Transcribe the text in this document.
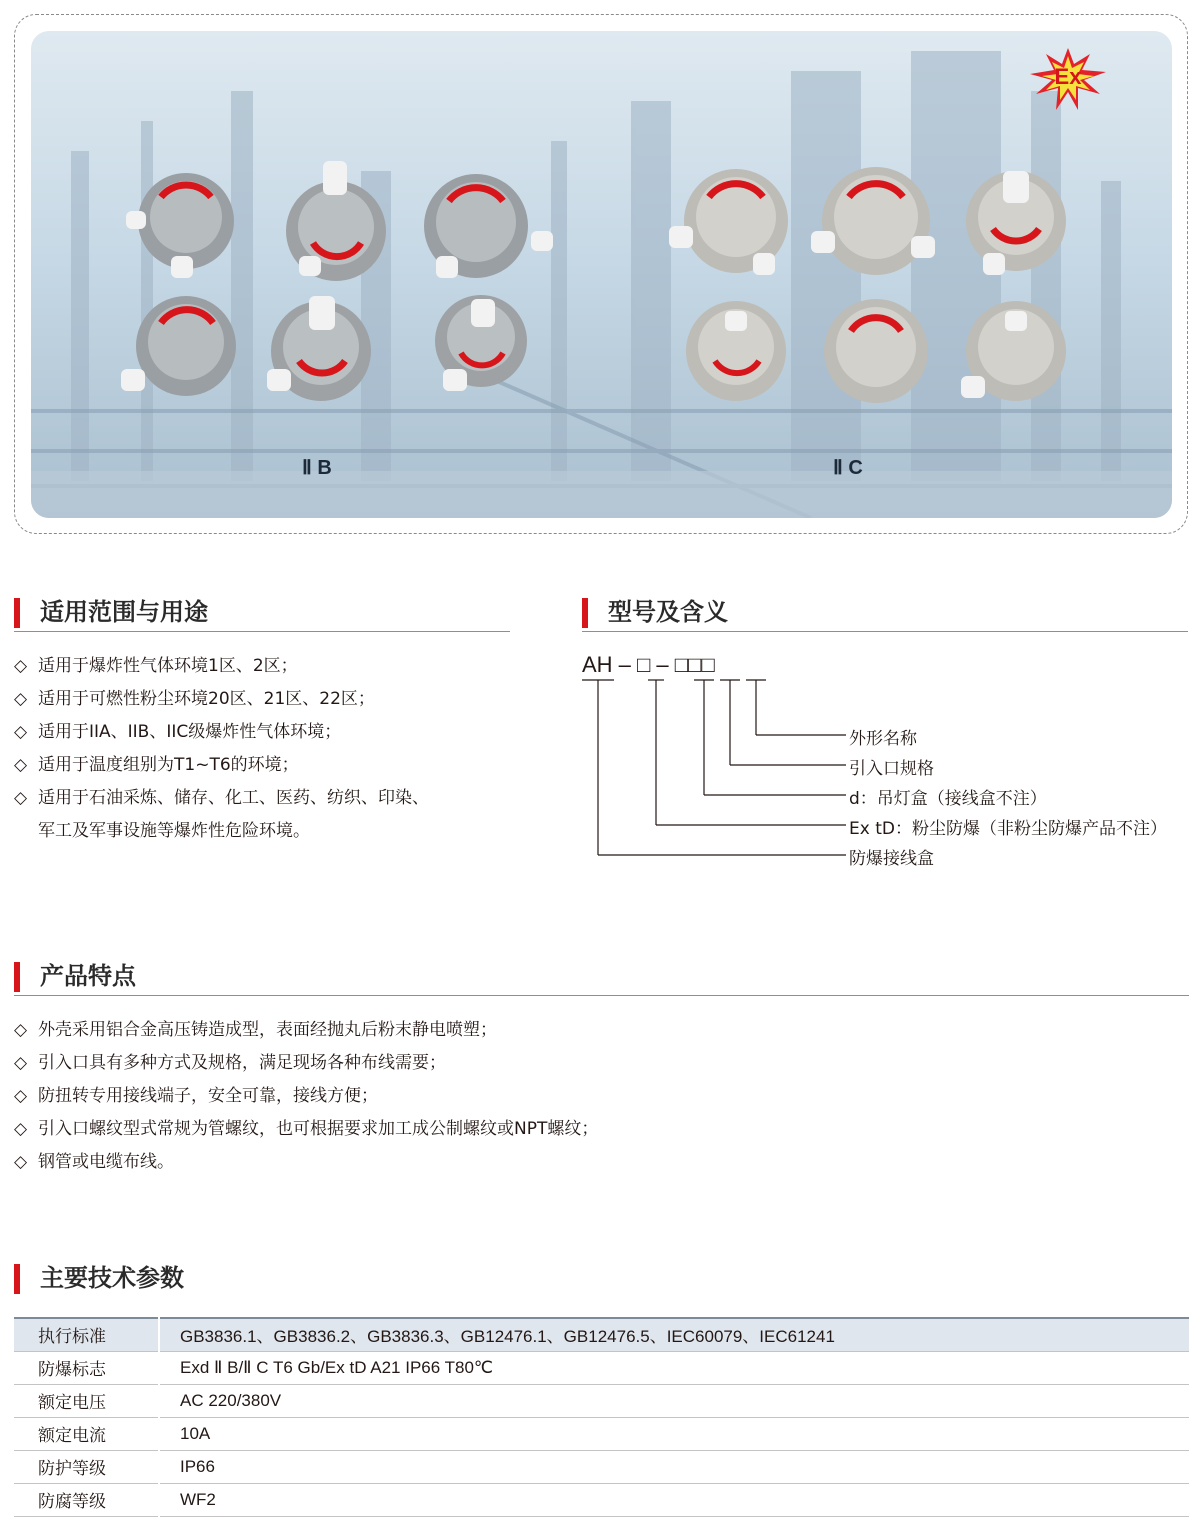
Ex
Ⅱ B	Ⅱ C
适用范围与用途
◇ 适用于爆炸性气体环境1区、2区；
◇ 适用于可燃性粉尘环境20区、21区、22区；
◇ 适用于IIA、IIB、IIC级爆炸性气体环境；
◇ 适用于温度组别为T1~T6的环境；
◇ 适用于石油采炼、储存、化工、医药、纺织、印染、
军工及军事设施等爆炸性危险环境。
型号及含义
AH – □ – □□□
外形名称
引入口规格
d：吊灯盒（接线盒不注）
Ex tD：粉尘防爆（非粉尘防爆产品不注）
防爆接线盒
产品特点
◇ 外壳采用铝合金高压铸造成型，表面经抛丸后粉末静电喷塑；
◇ 引入口具有多种方式及规格，满足现场各种布线需要；
◇ 防扭转专用接线端子，安全可靠，接线方便；
◇ 引入口螺纹型式常规为管螺纹，也可根据要求加工成公制螺纹或NPT螺纹；
◇ 钢管或电缆布线。
主要技术参数
执行标准	GB3836.1、GB3836.2、GB3836.3、GB12476.1、GB12476.5、IEC60079、IEC61241
防爆标志	Exd Ⅱ B/Ⅱ C T6 Gb/Ex tD A21 IP66 T80℃
额定电压	AC 220/380V
额定电流	10A
防护等级	IP66
防腐等级	WF2
